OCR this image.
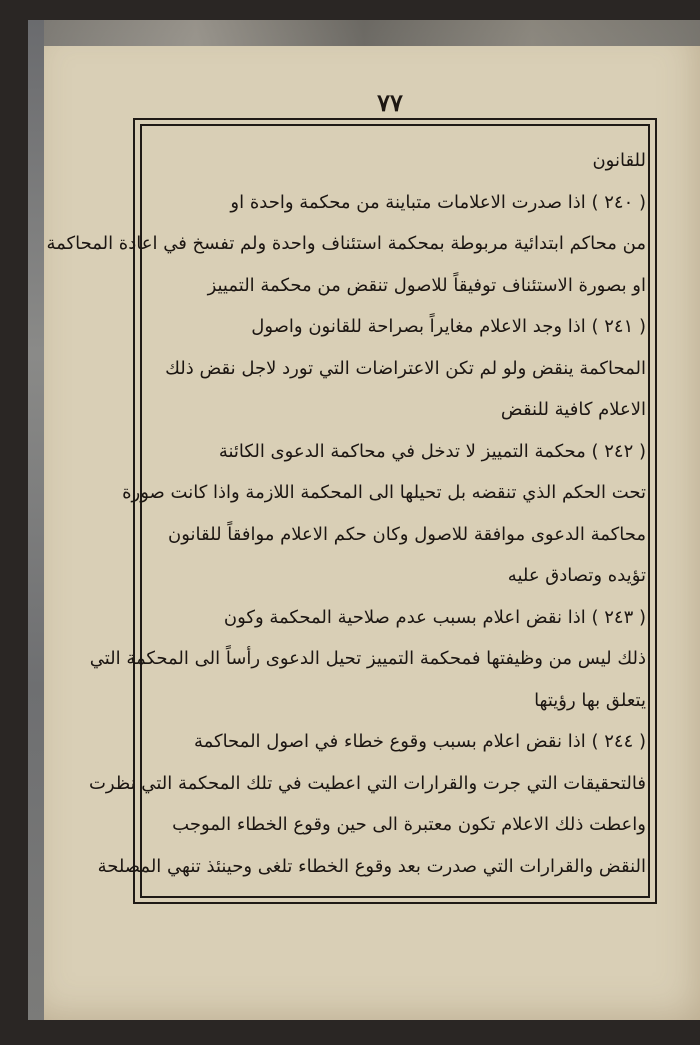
٧٧
للقانون
( ٢٤٠ ) اذا صدرت الاعلامات متباينة من محكمة واحدة او
من محاكم ابتدائية مربوطة بمحكمة استئناف واحدة ولم تفسخ في اعادة المحاكمة
او بصورة الاستئناف توفيقاً للاصول تنقض من محكمة التمييز
( ٢٤١ ) اذا وجد الاعلام مغايراً بصراحة للقانون واصول
المحاكمة ينقض ولو لم تكن الاعتراضات التي تورد لاجل نقض ذلك
الاعلام كافية للنقض
( ٢٤٢ ) محكمة التمييز لا تدخل في محاكمة الدعوى الكائنة
تحت الحكم الذي تنقضه بل تحيلها الى المحكمة اللازمة واذا كانت صورة
محاكمة الدعوى موافقة للاصول وكان حكم الاعلام موافقاً للقانون
تؤيده وتصادق عليه
( ٢٤٣ ) اذا نقض اعلام بسبب عدم صلاحية المحكمة وكون
ذلك ليس من وظيفتها فمحكمة التمييز تحيل الدعوى رأساً الى المحكمة التي
يتعلق بها رؤيتها
( ٢٤٤ ) اذا نقض اعلام بسبب وقوع خطاء في اصول المحاكمة
فالتحقيقات التي جرت والقرارات التي اعطيت في تلك المحكمة التي نظرت
واعطت ذلك الاعلام تكون معتبرة الى حين وقوع الخطاء الموجب
النقض والقرارات التي صدرت بعد وقوع الخطاء تلغى وحينئذ تنهي المصلحة
